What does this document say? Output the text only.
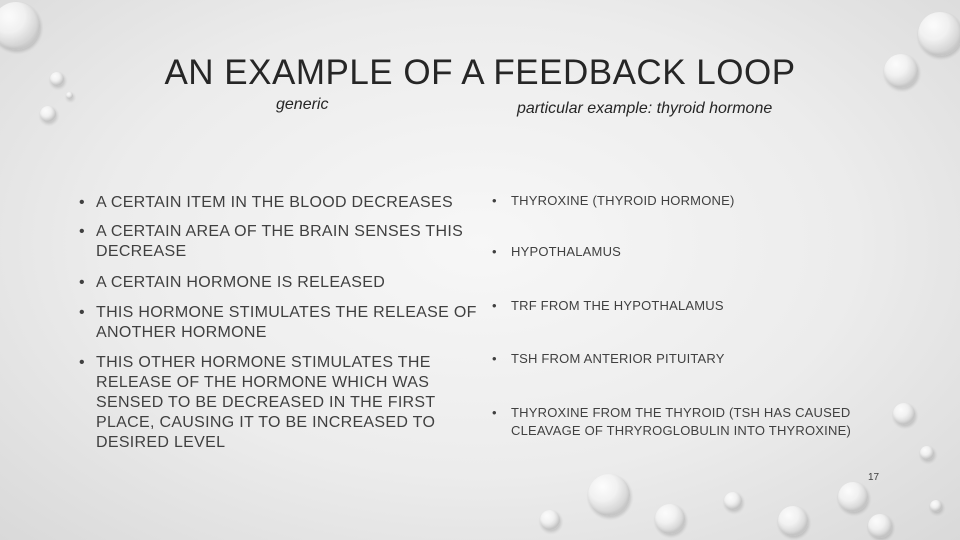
AN EXAMPLE OF A FEEDBACK LOOP

generic	particular example: thyroid hormone

• A CERTAIN ITEM IN THE BLOOD DECREASES
• A CERTAIN AREA OF THE BRAIN SENSES THIS DECREASE
• A CERTAIN HORMONE IS RELEASED
• THIS HORMONE STIMULATES THE RELEASE OF ANOTHER HORMONE
• THIS OTHER HORMONE STIMULATES THE RELEASE OF THE HORMONE WHICH WAS SENSED TO BE DECREASED IN THE FIRST PLACE, CAUSING IT TO BE INCREASED TO DESIRED LEVEL
• THYROXINE (THYROID HORMONE)
• HYPOTHALAMUS
• TRF FROM THE HYPOTHALAMUS
• TSH FROM ANTERIOR PITUITARY
• THYROXINE FROM THE THYROID (TSH HAS CAUSED CLEAVAGE OF THRYROGLOBULIN INTO THYROXINE)
17
